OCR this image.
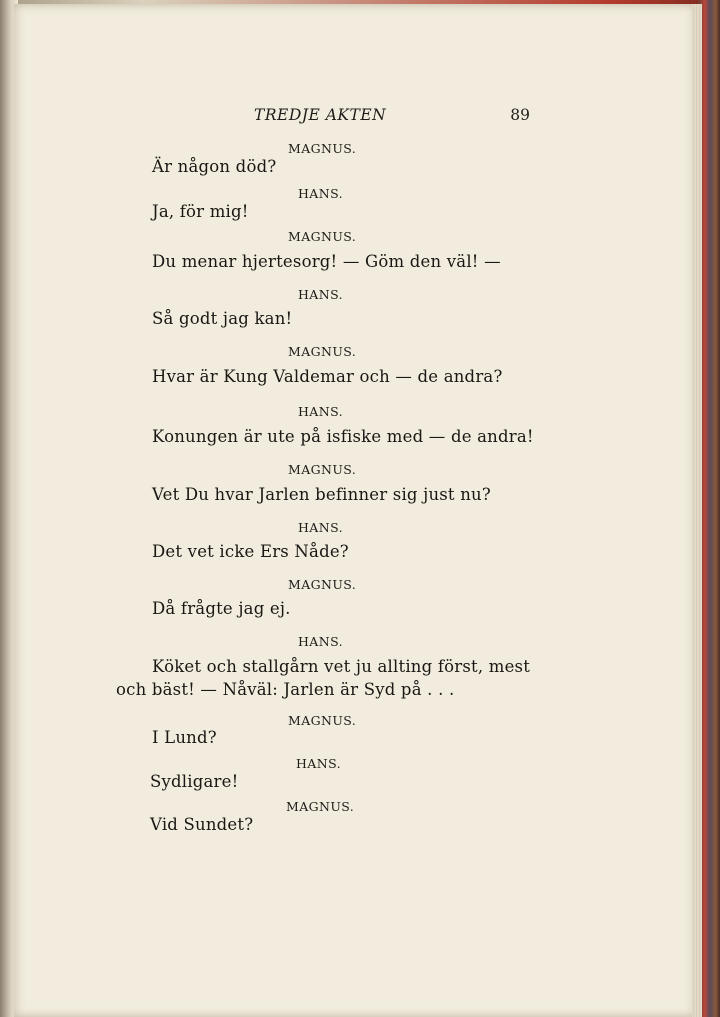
TREDJE AKTEN	89
MAGNUS.
Är någon död?
HANS.
Ja, för mig!
MAGNUS.
Du menar hjertesorg! — Göm den väl! —
HANS.
Så godt jag kan!
MAGNUS.
Hvar är Kung Valdemar och — de andra?
HANS.
Konungen är ute på isfiske med — de andra!
MAGNUS.
Vet Du hvar Jarlen befinner sig just nu?
HANS.
Det vet icke Ers Nåde?
MAGNUS.
Då frågte jag ej.
HANS.
Köket och stallgårn vet ju allting först, mest
och bäst! — Nåväl: Jarlen är Syd på . . .
MAGNUS.
I Lund?
HANS.
Sydligare!
MAGNUS.
Vid Sundet?
